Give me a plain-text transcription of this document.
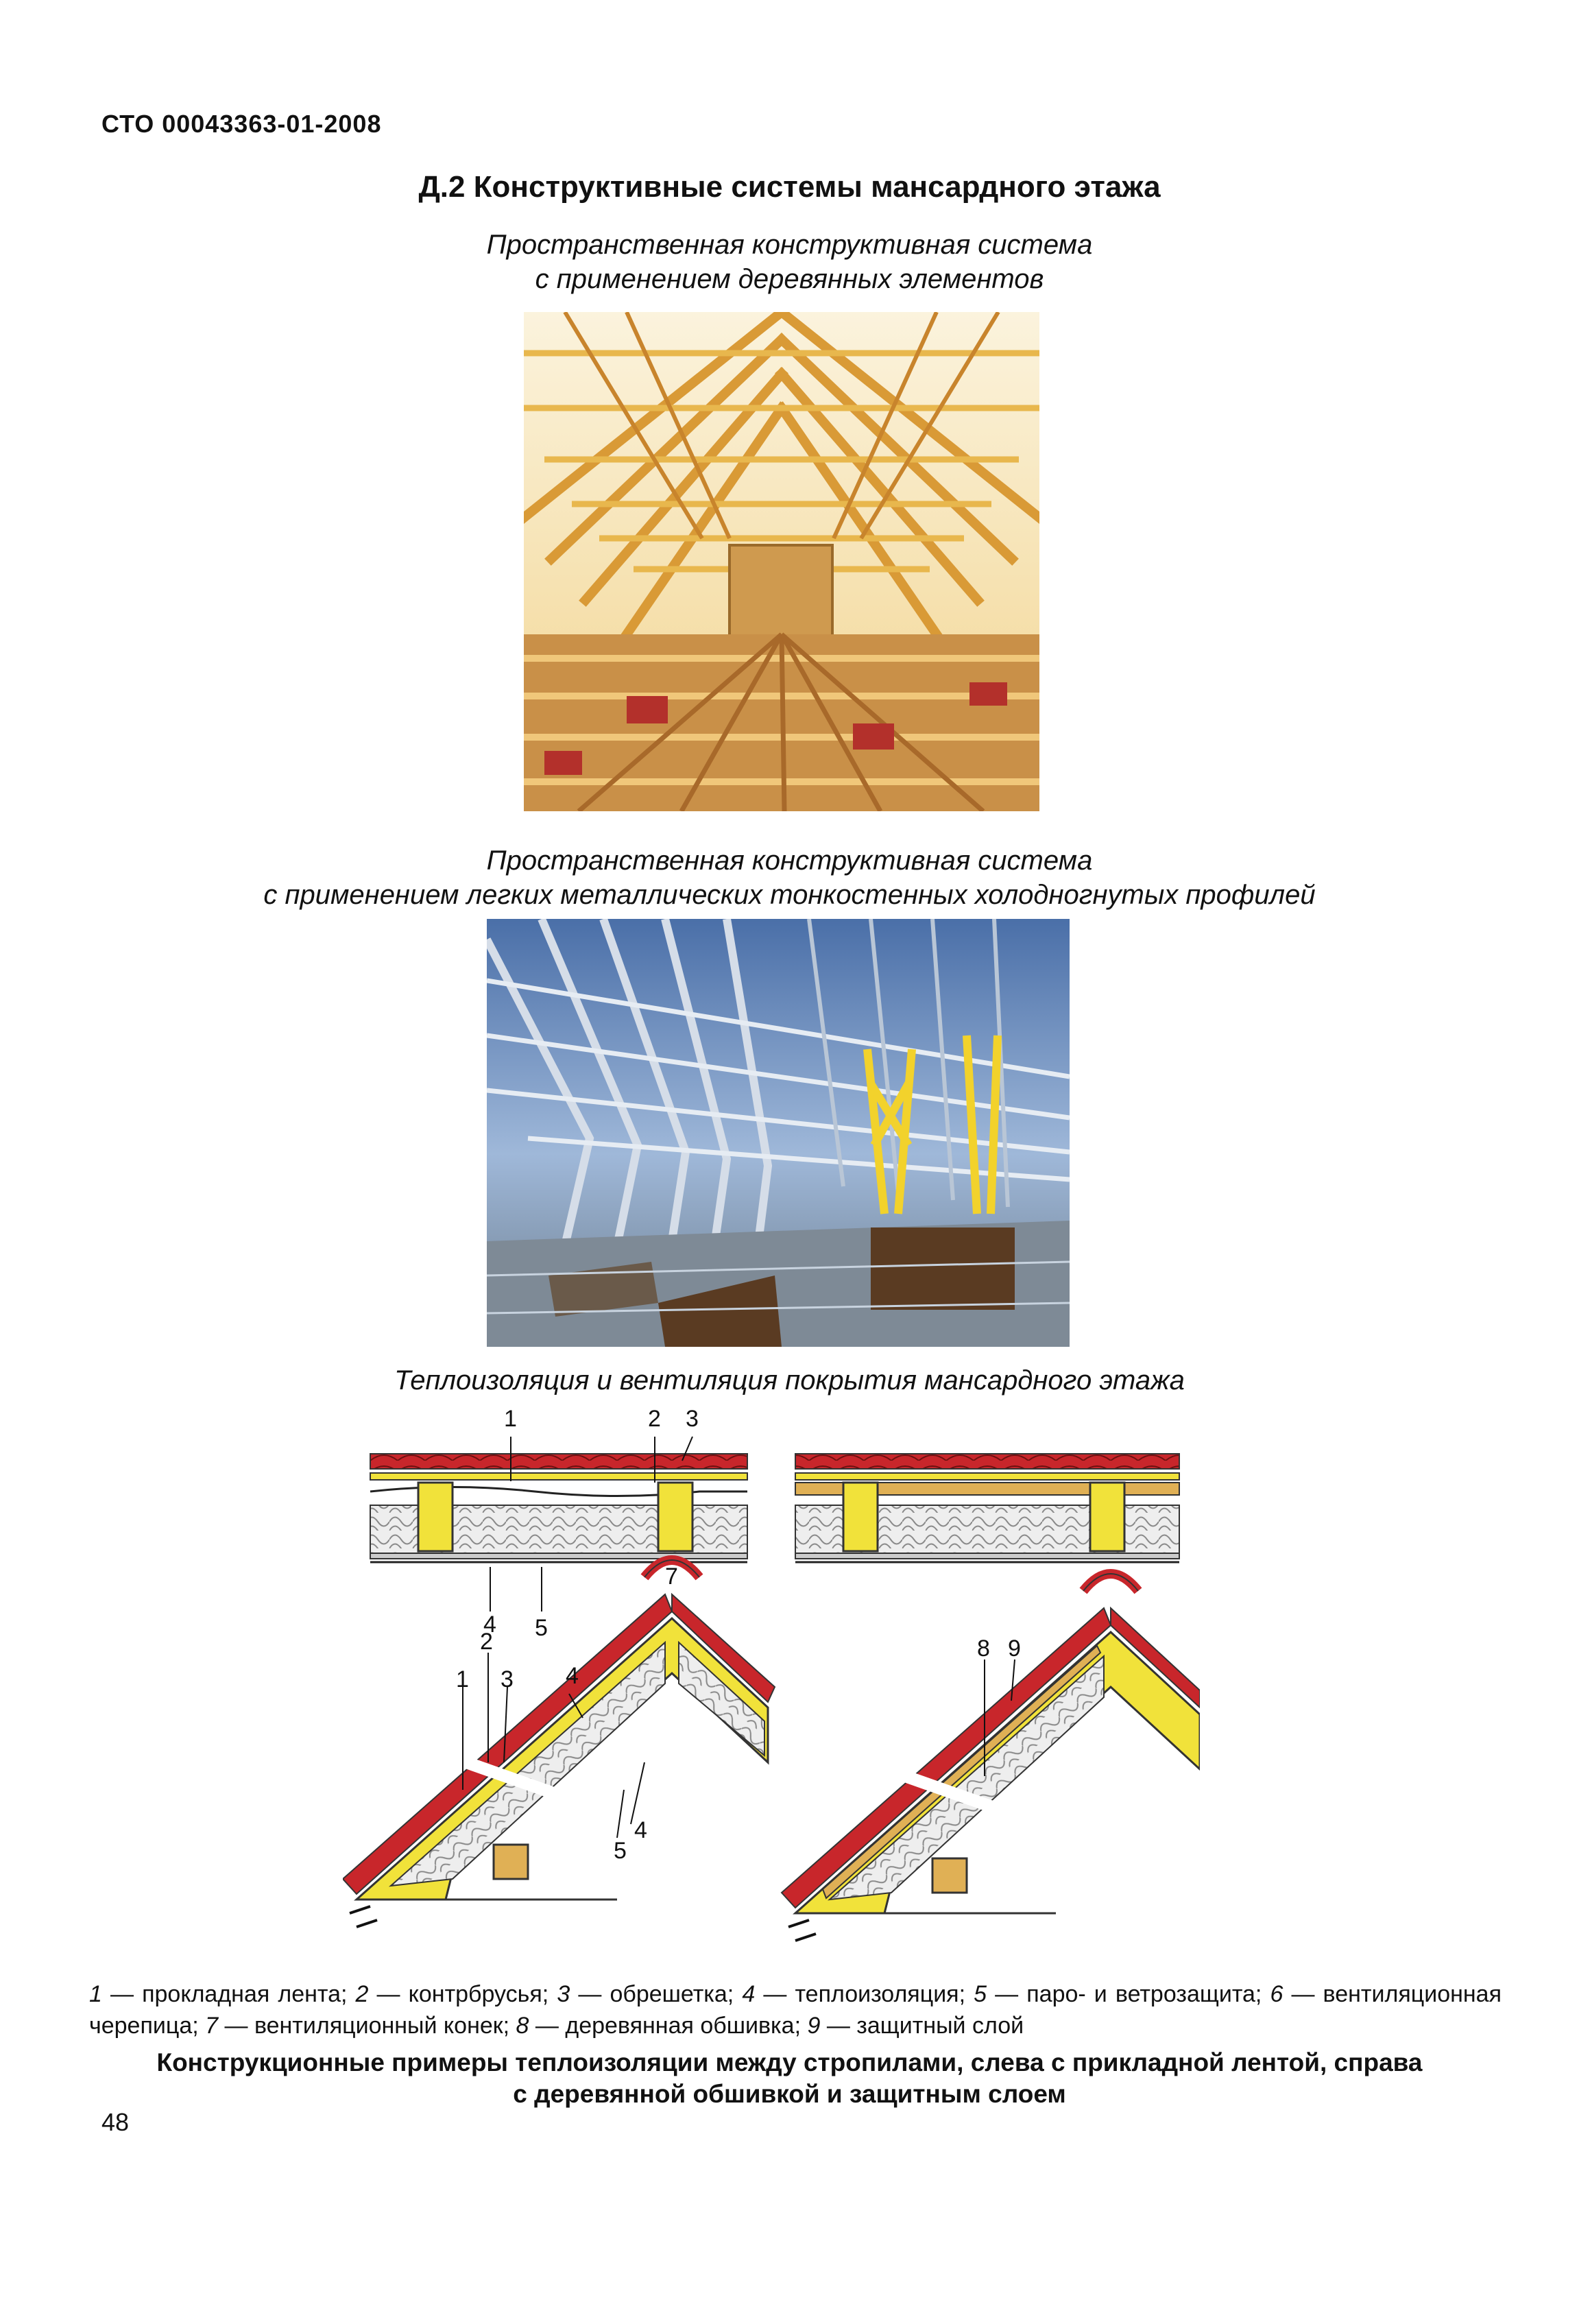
СТО 00043363-01-2008
Д.2 Конструктивные системы мансардного этажа
Пространственная конструктивная система
с применением деревянных элементов
Пространственная конструктивная система
с применением легких металлических тонкостенных холодногнутых профилей
Теплоизоляция и вентиляция покрытия мансардного этажа
1	2 3
4 5
7
4
2
1 3
4
5
8 9
1 — прокладная лента; 2 — контрбрусья; 3 — обрешетка; 4 — теплоизоляция; 5 — паро- и ветрозащита; 6 — вентиляционная черепица; 7 — вентиляционный конек; 8 — деревянная обшивка; 9 — защитный слой
Конструкционные примеры теплоизоляции между стропилами, слева с прикладной лентой, справа
с деревянной обшивкой и защитным слоем
48
